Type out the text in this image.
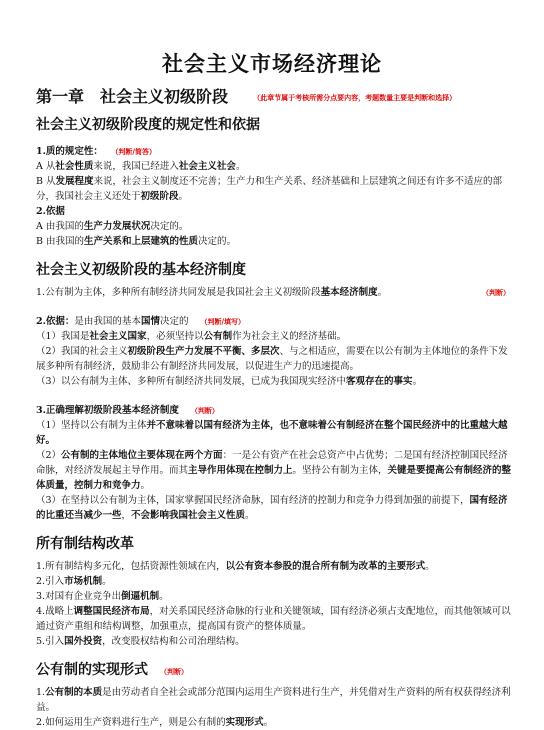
社会主义市场经济理论
第一章　社会主义初级阶段	（此章节属于考核所需分点要内容，考题数量主要是判断和选择）
社会主义初级阶段度的规定性和依据

1.质的规定性： （判断/简答）

A 从社会性质来说，我国已经进入社会主义社会。

B 从发展程度来说，社会主义制度还不完善；生产力和生产关系、经济基础和上层建筑之间还有许多不适应的部分，我国社会主义还处于初级阶段。

2.依据

A 由我国的生产力发展状况决定的。

B 由我国的生产关系和上层建筑的性质决定的。

社会主义初级阶段的基本经济制度

（判断）
1.公有制为主体，多种所有制经济共同发展是我国社会主义初级阶段基本经济制度。

2.依据：是由我国的基本国情决定的 （判断/填写）

（1）我国是社会主义国家，必须坚持以公有制作为社会主义的经济基础。

（2）我国的社会主义初级阶段生产力发展不平衡、多层次、与之相适应，需要在以公有制为主体地位的条件下发展多种所有制经济，鼓励非公有制经济共同发展，以促进生产力的迅速提高。

（3）以公有制为主体、多种所有制经济共同发展，已成为我国现实经济中客观存在的事实。

3.正确理解初级阶段基本经济制度 （判断）

（1）坚持以公有制为主体并不意味着以国有经济为主体，也不意味着公有制经济在整个国民经济中的比重越大越好。

（2）公有制的主体地位主要体现在两个方面：一是公有资产在社会总资产中占优势；二是国有经济控制国民经济命脉，对经济发展起主导作用。而其主导作用体现在控制力上。坚持公有制为主体，关键是要提高公有制经济的整体质量，控制力和竞争力。

（3）在坚持以公有制为主体，国家掌握国民经济命脉，国有经济的控制力和竞争力得到加强的前提下，国有经济的比重还当减少一些，不会影响我国社会主义性质。

所有制结构改革

1.所有制结构多元化，包括资源性领域在内，以公有资本参股的混合所有制为改革的主要形式。

2.引入市场机制。

3.对国有企业竞争出倒逼机制。

4.战略上调整国民经济布局，对关系国民经济命脉的行业和关键领域，国有经济必须占支配地位，而其他领域可以通过资产重组和结构调整，加强重点，提高国有资产的整体质量。

5.引入国外投资，改变股权结构和公司治理结构。

公有制的实现形式 （判断）

1.公有制的本质是由劳动者自全社会或部分范围内运用生产资料进行生产，并凭借对生产资料的所有权获得经济利益。

2.如何运用生产资料进行生产，则是公有制的实现形式。
